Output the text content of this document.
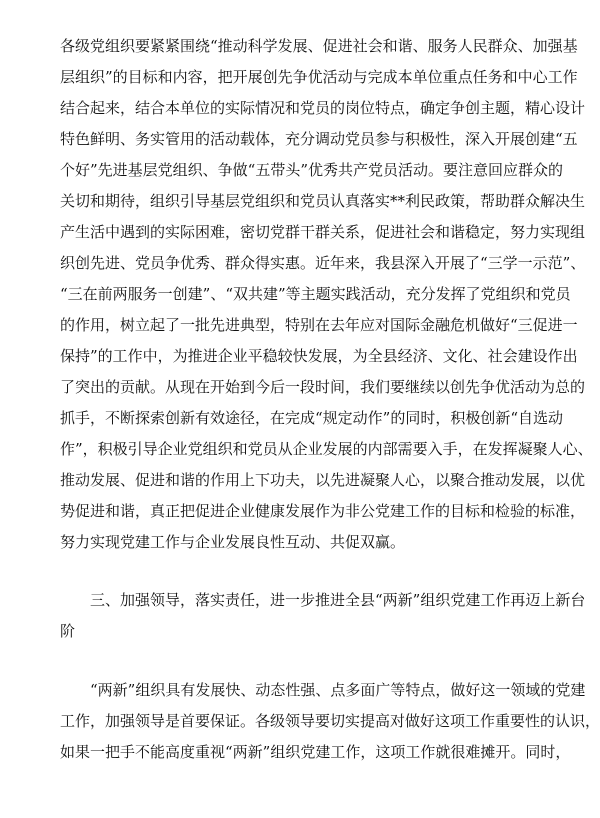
各级党组织要紧紧围绕“推动科学发展、促进社会和谐、服务人民群众、加强基
层组织”的目标和内容，把开展创先争优活动与完成本单位重点任务和中心工作
结合起来，结合本单位的实际情况和党员的岗位特点，确定争创主题，精心设计
特色鲜明、务实管用的活动载体，充分调动党员参与积极性，深入开展创建“五
个好”先进基层党组织、争做“五带头”优秀共产党员活动。要注意回应群众的
关切和期待，组织引导基层党组织和党员认真落实**利民政策，帮助群众解决生
产生活中遇到的实际困难，密切党群干群关系，促进社会和谐稳定，努力实现组
织创先进、党员争优秀、群众得实惠。近年来，我县深入开展了“三学一示范”、
“三在前两服务一创建”、“双共建”等主题实践活动，充分发挥了党组织和党员
的作用，树立起了一批先进典型，特别在去年应对国际金融危机做好“三促进一
保持”的工作中，为推进企业平稳较快发展，为全县经济、文化、社会建设作出
了突出的贡献。从现在开始到今后一段时间，我们要继续以创先争优活动为总的
抓手，不断探索创新有效途径，在完成“规定动作”的同时，积极创新“自选动
作”，积极引导企业党组织和党员从企业发展的内部需要入手，在发挥凝聚人心、
推动发展、促进和谐的作用上下功夫，以先进凝聚人心，以聚合推动发展，以优
势促进和谐，真正把促进企业健康发展作为非公党建工作的目标和检验的标准，
努力实现党建工作与企业发展良性互动、共促双赢。
三、加强领导，落实责任，进一步推进全县“两新”组织党建工作再迈上新台
阶
“两新”组织具有发展快、动态性强、点多面广等特点，做好这一领域的党建
工作，加强领导是首要保证。各级领导要切实提高对做好这项工作重要性的认识，
如果一把手不能高度重视“两新”组织党建工作，这项工作就很难摊开。同时，
